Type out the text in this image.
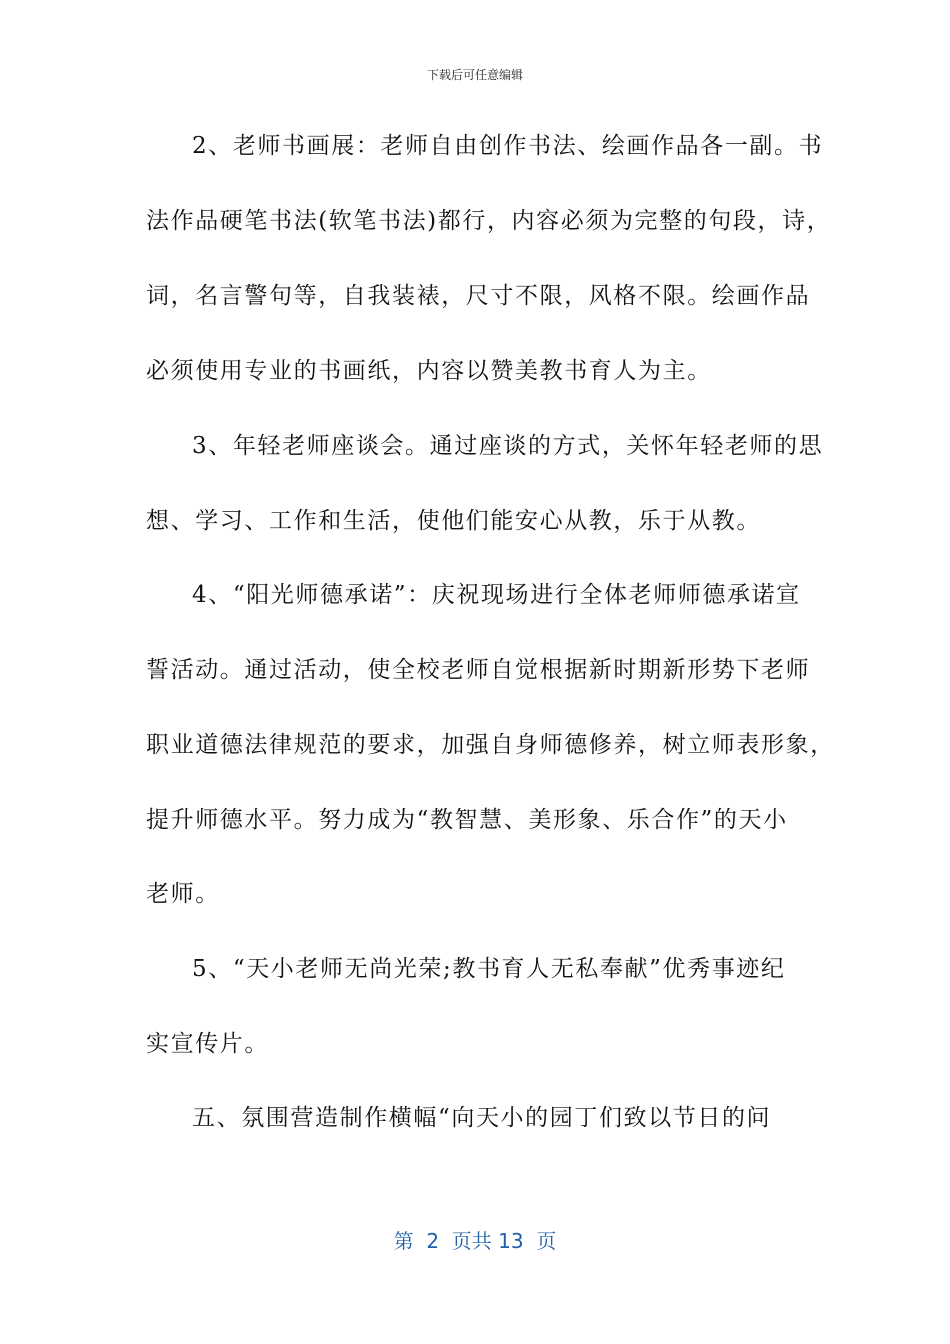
下载后可任意编辑
2、老师书画展：老师自由创作书法、绘画作品各一副。书
法作品硬笔书法(软笔书法)都行，内容必须为完整的句段，诗，
词，名言警句等，自我装裱，尺寸不限，风格不限。绘画作品
必须使用专业的书画纸，内容以赞美教书育人为主。
3、年轻老师座谈会。通过座谈的方式，关怀年轻老师的思
想、学习、工作和生活，使他们能安心从教，乐于从教。
4、“阳光师德承诺”：庆祝现场进行全体老师师德承诺宣
誓活动。通过活动，使全校老师自觉根据新时期新形势下老师
职业道德法律规范的要求，加强自身师德修养，树立师表形象，
提升师德水平。努力成为“教智慧、美形象、乐合作”的天小
老师。
5、“天小老师无尚光荣;教书育人无私奉献”优秀事迹纪
实宣传片。
五、氛围营造制作横幅“向天小的园丁们致以节日的问
第  2  页共 13  页
